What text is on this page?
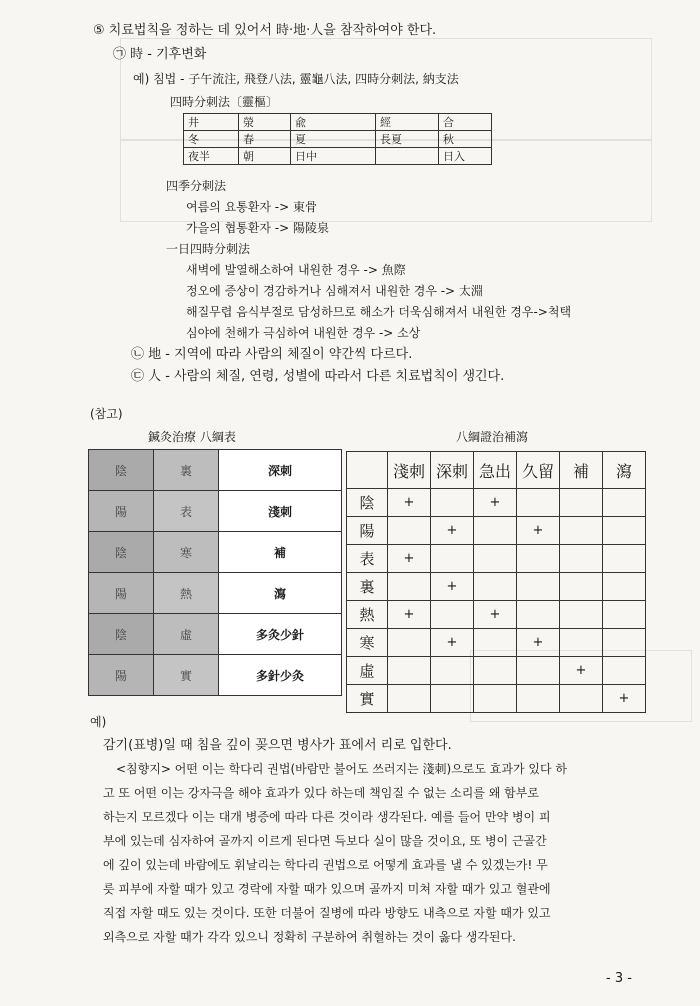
⑤ 치료법칙을 정하는 데 있어서 時·地·人을 참작하여야 한다.
㉠ 時 - 기후변화
예) 침법 - 子午流注, 飛登八法, 靈龜八法, 四時分刺法, 納支法
四時分刺法〔靈樞〕
井	滎	兪	經	合
冬	春	夏	長夏	秋
夜半	朝	日中		日入
四季分刺法
여름의 요통환자 -> 東骨
가을의 협통환자 -> 陽陵泉
一日四時分刺法
새벽에 발열해소하여 내원한 경우 -> 魚際
정오에 증상이 경감하거나 심해져서 내원한 경우 -> 太淵
해질무렵 음식부절로 담성하므로 해소가 더욱심해져서 내원한 경우->척택
심야에 천해가 극심하여 내원한 경우 -> 소상
㉡ 地 - 지역에 따라 사람의 체질이 약간씩 다르다.
㉢ 人 - 사람의 체질, 연령, 성별에 따라서 다른 치료법칙이 생긴다.
(참고)
鍼灸治療 八綱表	八綱證治補瀉
陰	裏	深刺
陽	表	淺刺
陰	寒	補
陽	熱	瀉
陰	虛	多灸少針
陽	實	多針少灸
	淺刺	深刺	急出	久留	補	瀉
陰	+		+			
陽		+		+		
表	+					
裏		+				
熱	+		+			
寒		+		+		
虛					+	
實						+
예)
감기(표병)일 때 침을 깊이 꽂으면 병사가 표에서 리로 입한다.
<침향지> 어떤 이는 학다리 권법(바람만 불어도 쓰러지는 淺刺)으로도 효과가 있다 하
고 또 어떤 이는 강자극을 해야 효과가 있다 하는데 책임질 수 없는 소리를 왜 함부로
하는지 모르겠다 이는 대개 병증에 따라 다른 것이라 생각된다. 예를 들어 만약 병이 피
부에 있는데 심자하여 골까지 이르게 된다면 득보다 실이 많을 것이요, 또 병이 근골간
에 깊이 있는데 바람에도 휘날리는 학다리 권법으로 어떻게 효과를 낼 수 있겠는가! 무
릇 피부에 자할 때가 있고 경락에 자할 때가 있으며 골까지 미쳐 자할 때가 있고 혈관에
직접 자할 때도 있는 것이다. 또한 더불어 질병에 따라 방향도 내측으로 자할 때가 있고
외측으로 자할 때가 각각 있으니 정확히 구분하여 취혈하는 것이 옳다 생각된다.
- 3 -
